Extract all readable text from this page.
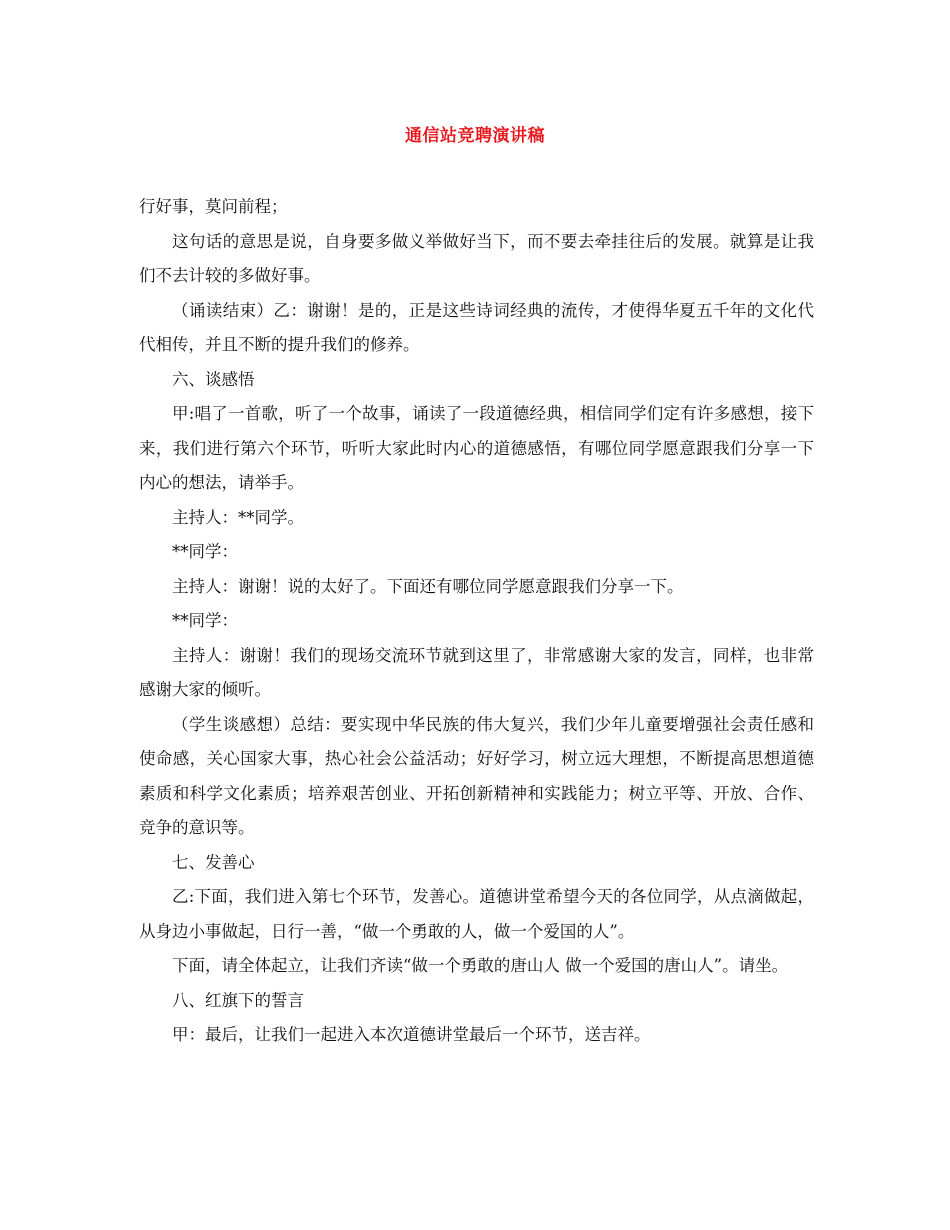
通信站竞聘演讲稿

行好事，莫问前程；

这句话的意思是说，自身要多做义举做好当下，而不要去牵挂往后的发展。就算是让我们不去计较的多做好事。

（诵读结束）乙：谢谢！是的，正是这些诗词经典的流传，才使得华夏五千年的文化代代相传，并且不断的提升我们的修养。

六、谈感悟

甲:唱了一首歌，听了一个故事，诵读了一段道德经典，相信同学们定有许多感想，接下来，我们进行第六个环节，听听大家此时内心的道德感悟，有哪位同学愿意跟我们分享一下内心的想法，请举手。

主持人：**同学。

**同学：

主持人：谢谢！说的太好了。下面还有哪位同学愿意跟我们分享一下。

**同学：

主持人：谢谢！我们的现场交流环节就到这里了，非常感谢大家的发言，同样，也非常感谢大家的倾听。

（学生谈感想）总结：要实现中华民族的伟大复兴，我们少年儿童要增强社会责任感和使命感，关心国家大事，热心社会公益活动；好好学习，树立远大理想，不断提高思想道德素质和科学文化素质；培养艰苦创业、开拓创新精神和实践能力；树立平等、开放、合作、竞争的意识等。

七、发善心

乙:下面，我们进入第七个环节，发善心。道德讲堂希望今天的各位同学，从点滴做起，从身边小事做起，日行一善，“做一个勇敢的人，做一个爱国的人”。

下面，请全体起立，让我们齐读“做一个勇敢的唐山人 做一个爱国的唐山人”。请坐。

八、红旗下的誓言

甲：最后，让我们一起进入本次道德讲堂最后一个环节，送吉祥。
